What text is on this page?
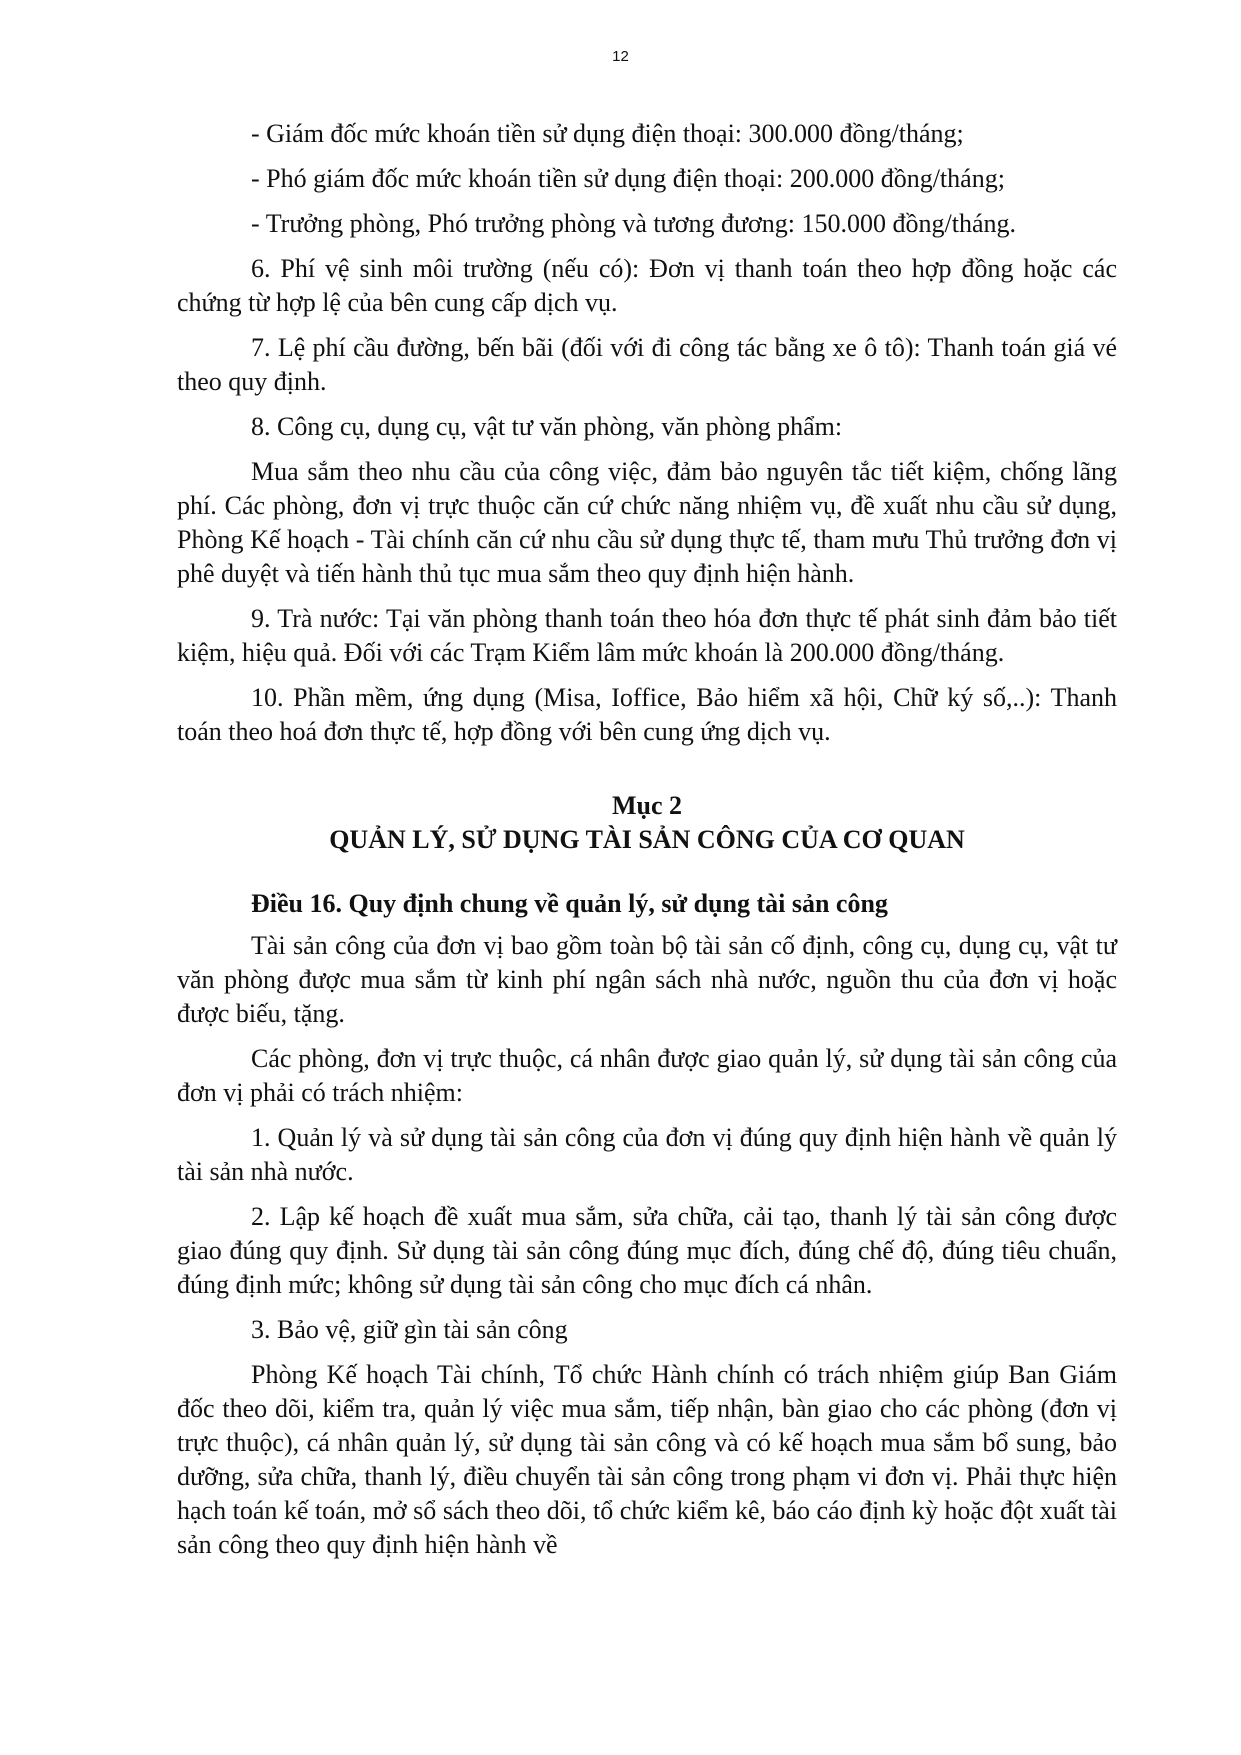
12

- Giám đốc mức khoán tiền sử dụng điện thoại: 300.000 đồng/tháng;

- Phó giám đốc mức khoán tiền sử dụng điện thoại: 200.000 đồng/tháng;

- Trưởng phòng, Phó trưởng phòng và tương đương: 150.000 đồng/tháng.

6. Phí vệ sinh môi trường (nếu có): Đơn vị thanh toán theo hợp đồng hoặc các chứng từ hợp lệ của bên cung cấp dịch vụ.

7. Lệ phí cầu đường, bến bãi (đối với đi công tác bằng xe ô tô): Thanh toán giá vé theo quy định.

8. Công cụ, dụng cụ, vật tư văn phòng, văn phòng phẩm:

Mua sắm theo nhu cầu của công việc, đảm bảo nguyên tắc tiết kiệm, chống lãng phí. Các phòng, đơn vị trực thuộc căn cứ chức năng nhiệm vụ, đề xuất nhu cầu sử dụng, Phòng Kế hoạch - Tài chính căn cứ nhu cầu sử dụng thực tế, tham mưu Thủ trưởng đơn vị phê duyệt và tiến hành thủ tục mua sắm theo quy định hiện hành.

9. Trà nước: Tại văn phòng thanh toán theo hóa đơn thực tế phát sinh đảm bảo tiết kiệm, hiệu quả. Đối với các Trạm Kiểm lâm mức khoán là 200.000 đồng/tháng.

10. Phần mềm, ứng dụng (Misa, Ioffice, Bảo hiểm xã hội, Chữ ký số,..): Thanh toán theo hoá đơn thực tế, hợp đồng với bên cung ứng dịch vụ.

Mục 2

QUẢN LÝ, SỬ DỤNG TÀI SẢN CÔNG CỦA CƠ QUAN

Điều 16. Quy định chung về quản lý, sử dụng tài sản công

Tài sản công của đơn vị bao gồm toàn bộ tài sản cố định, công cụ, dụng cụ, vật tư văn phòng được mua sắm từ kinh phí ngân sách nhà nước, nguồn thu của đơn vị hoặc được biếu, tặng.

Các phòng, đơn vị trực thuộc, cá nhân được giao quản lý, sử dụng tài sản công của đơn vị phải có trách nhiệm:

1. Quản lý và sử dụng tài sản công của đơn vị đúng quy định hiện hành về quản lý tài sản nhà nước.

2. Lập kế hoạch đề xuất mua sắm, sửa chữa, cải tạo, thanh lý tài sản công được giao đúng quy định. Sử dụng tài sản công đúng mục đích, đúng chế độ, đúng tiêu chuẩn, đúng định mức; không sử dụng tài sản công cho mục đích cá nhân.

3. Bảo vệ, giữ gìn tài sản công

Phòng Kế hoạch Tài chính, Tổ chức Hành chính có trách nhiệm giúp Ban Giám đốc theo dõi, kiểm tra, quản lý việc mua sắm, tiếp nhận, bàn giao cho các phòng (đơn vị trực thuộc), cá nhân quản lý, sử dụng tài sản công và có kế hoạch mua sắm bổ sung, bảo dưỡng, sửa chữa, thanh lý, điều chuyển tài sản công trong phạm vi đơn vị. Phải thực hiện hạch toán kế toán, mở sổ sách theo dõi, tổ chức kiểm kê, báo cáo định kỳ hoặc đột xuất tài sản công theo quy định hiện hành về
